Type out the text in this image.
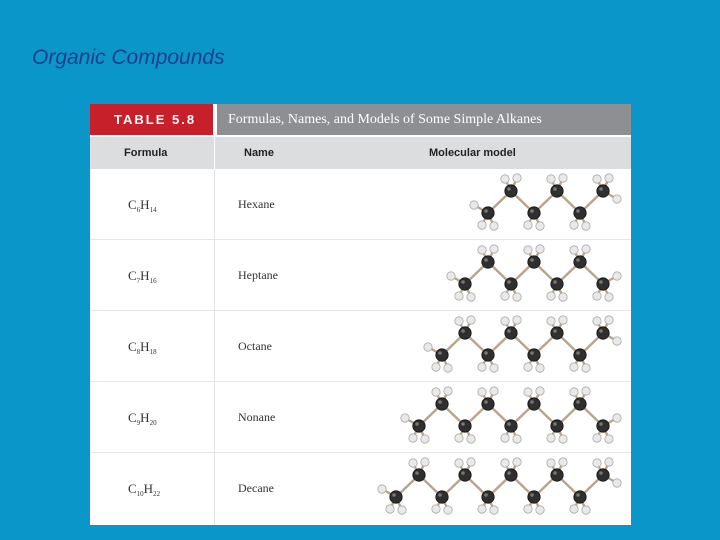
Organic Compounds
TABLE 5.8	Formulas, Names, and Models of Some Simple Alkanes
Formula	Name	Molecular model
$C_6H_{14}$	Hexane
$C_7H_{16}$	Heptane
$C_8H_{18}$	Octane
$C_9H_{20}$	Nonane
$C_{10}H_{22}$	Decane
